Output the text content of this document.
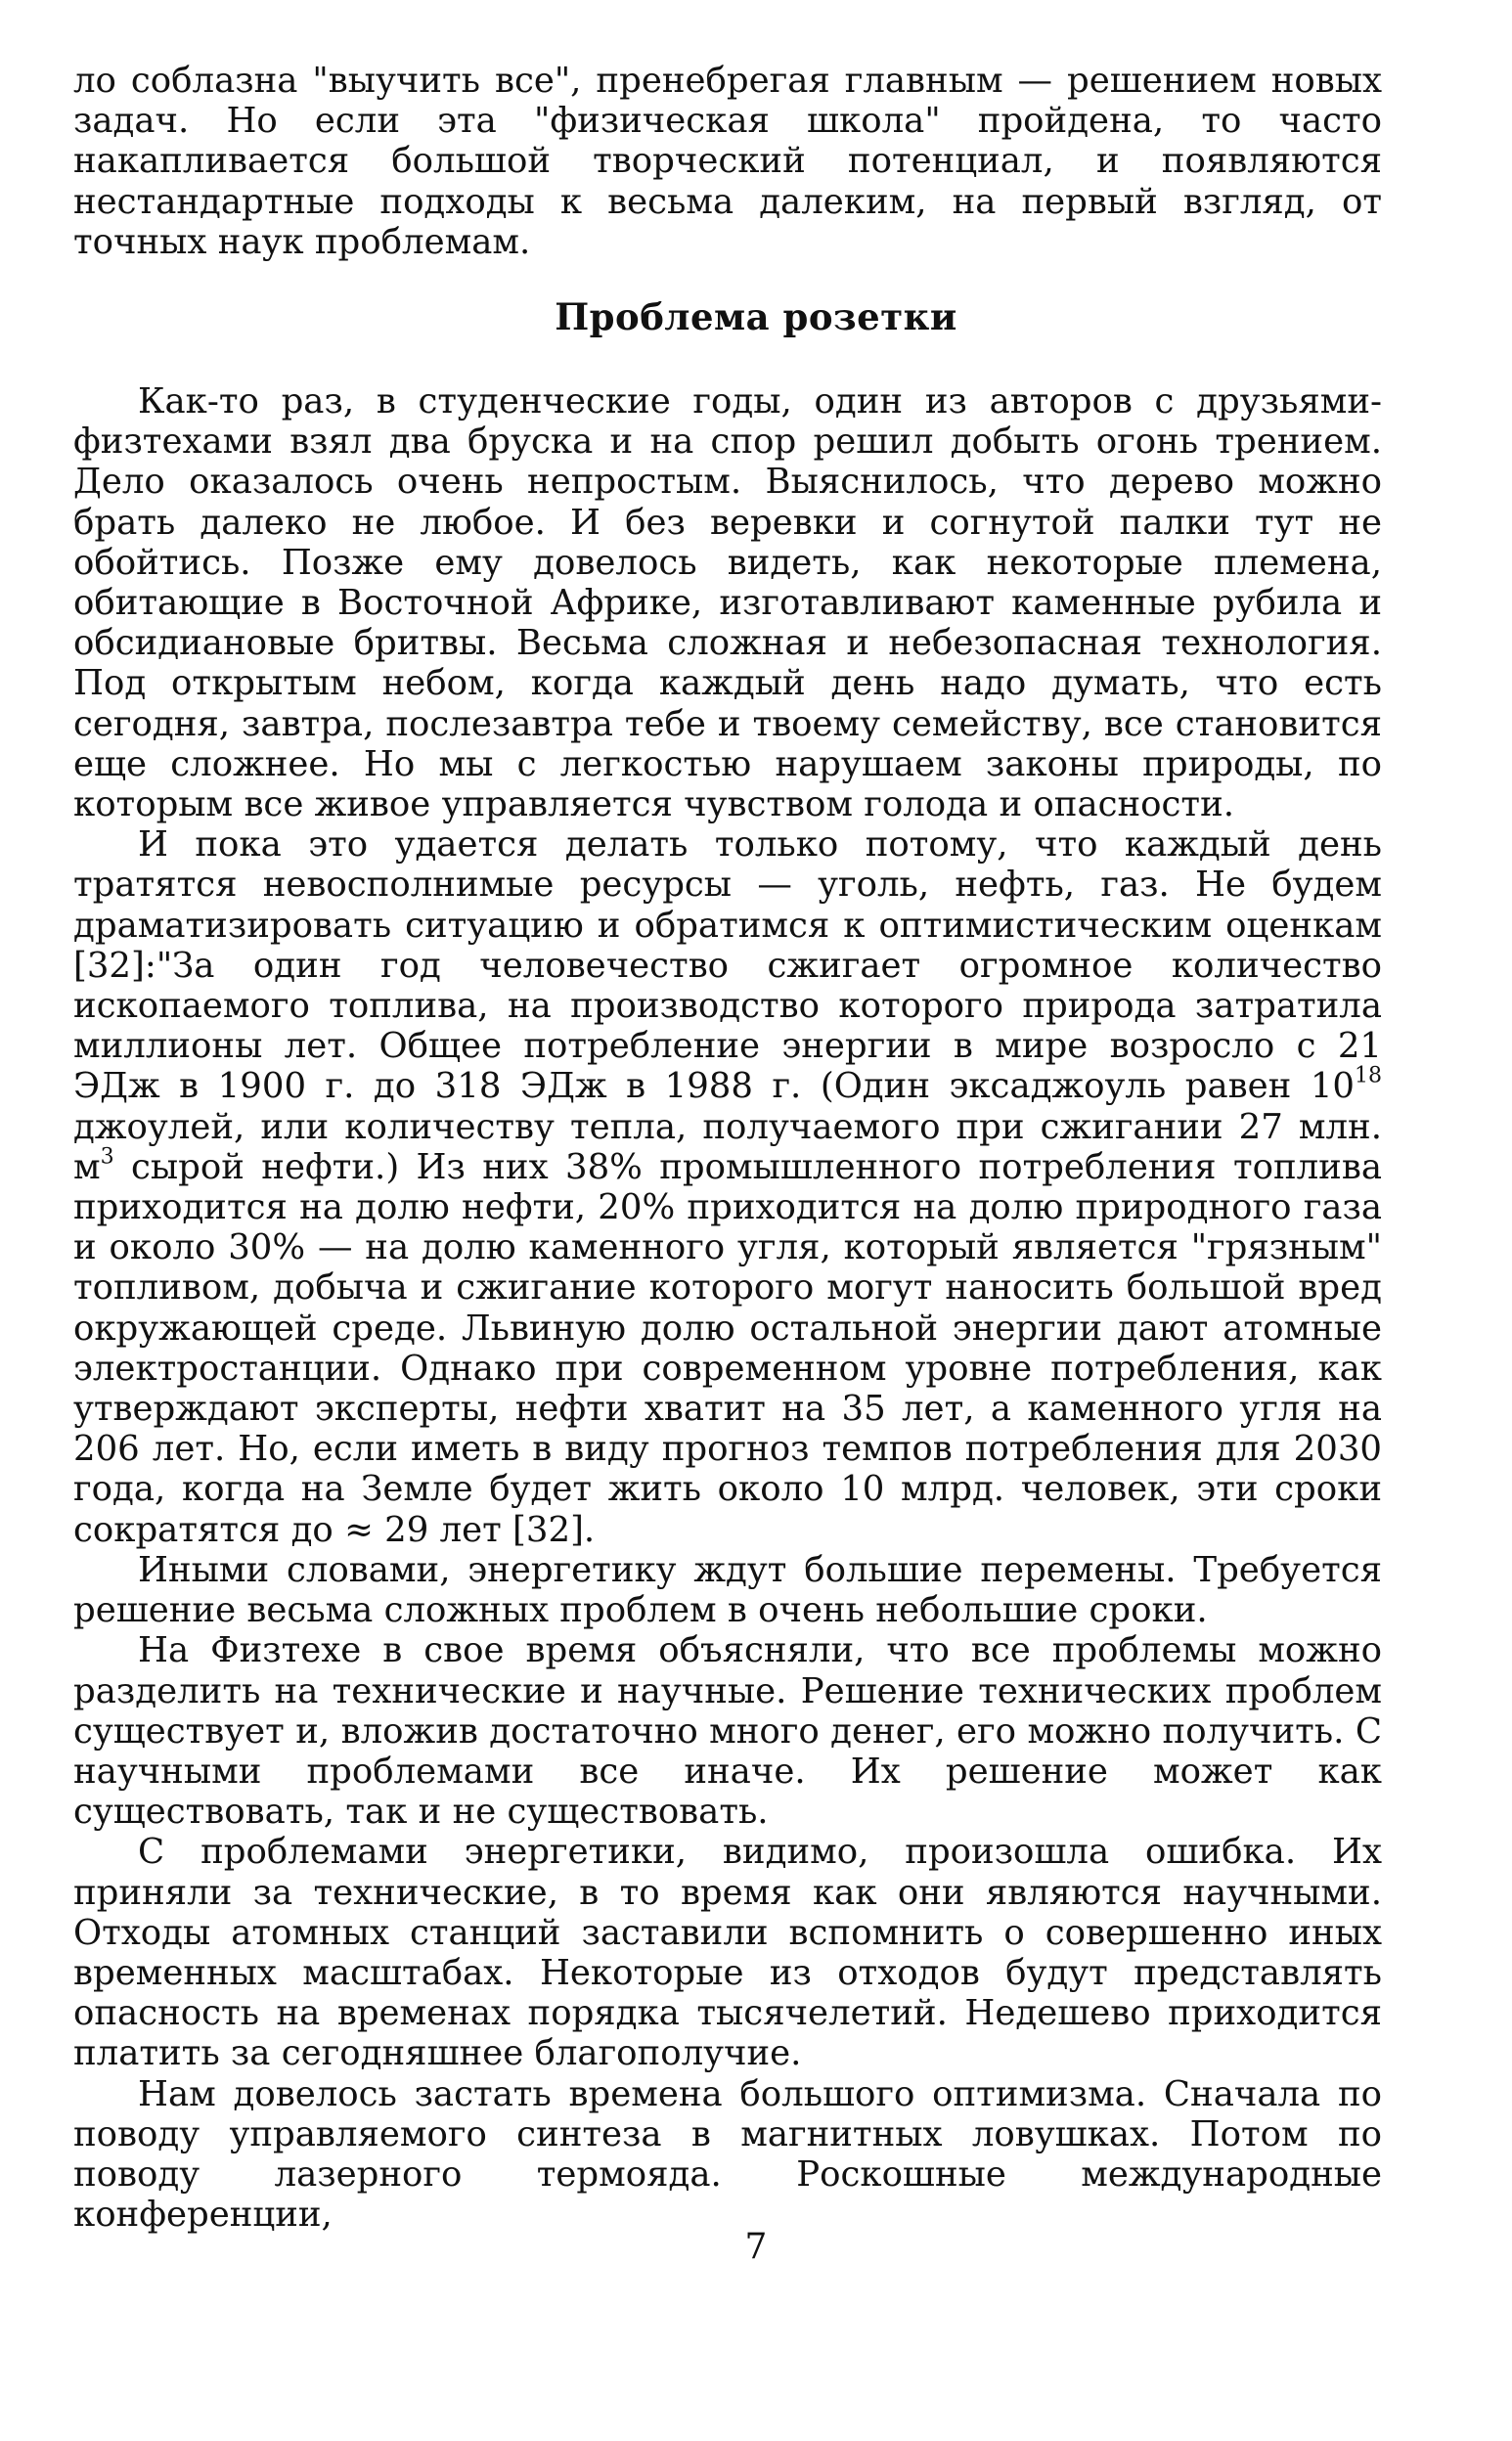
ло соблазна "выучить все", пренебрегая главным — решением новых задач. Но если эта "физическая школа" пройдена, то часто накапливается большой творческий потенциал, и появляются нестандартные подходы к весьма далеким, на первый взгляд, от точных наук проблемам.

Проблема розетки

Как-то раз, в студенческие годы, один из авторов с друзьями-физтехами взял два бруска и на спор решил добыть огонь трением. Дело оказалось очень непростым. Выяснилось, что дерево можно брать далеко не любое. И без веревки и согнутой палки тут не обойтись. Позже ему довелось видеть, как некоторые племена, обитающие в Восточной Африке, изготавливают каменные рубила и обсидиановые бритвы. Весьма сложная и небезопасная технология. Под открытым небом, когда каждый день надо думать, что есть сегодня, завтра, послезавтра тебе и твоему семейству, все становится еще сложнее. Но мы с легкостью нарушаем законы природы, по которым все живое управляется чувством голода и опасности.

И пока это удается делать только потому, что каждый день тратятся невосполнимые ресурсы — уголь, нефть, газ. Не будем драматизировать ситуацию и обратимся к оптимистическим оценкам [32]:"За один год человечество сжигает огромное количество ископаемого топлива, на производство которого природа затратила миллионы лет. Общее потребление энергии в мире возросло с 21 ЭДж в 1900 г. до 318 ЭДж в 1988 г. (Один эксаджоуль равен $10^{18}$ джоулей, или количеству тепла, получаемого при сжигании 27 млн. $м^3$ сырой нефти.) Из них 38% промышленного потребления топлива приходится на долю нефти, 20% приходится на долю природного газа и около 30% — на долю каменного угля, который является "грязным" топливом, добыча и сжигание которого могут наносить большой вред окружающей среде. Львиную долю остальной энергии дают атомные электростанции. Однако при современном уровне потребления, как утверждают эксперты, нефти хватит на 35 лет, а каменного угля на 206 лет. Но, если иметь в виду прогноз темпов потребления для 2030 года, когда на Земле будет жить около 10 млрд. человек, эти сроки сократятся до ≈ 29 лет [32].

Иными словами, энергетику ждут большие перемены. Требуется решение весьма сложных проблем в очень небольшие сроки.

На Физтехе в свое время объясняли, что все проблемы можно разделить на технические и научные. Решение технических проблем существует и, вложив достаточно много денег, его можно получить. С научными проблемами все иначе. Их решение может как существовать, так и не существовать.

С проблемами энергетики, видимо, произошла ошибка. Их приняли за технические, в то время как они являются научными. Отходы атомных станций заставили вспомнить о совершенно иных временных масштабах. Некоторые из отходов будут представлять опасность на временах порядка тысячелетий. Недешево приходится платить за сегодняшнее благополучие.

Нам довелось застать времена большого оптимизма. Сначала по поводу управляемого синтеза в магнитных ловушках. Потом по поводу лазерного термояда. Роскошные международные конференции,

7
